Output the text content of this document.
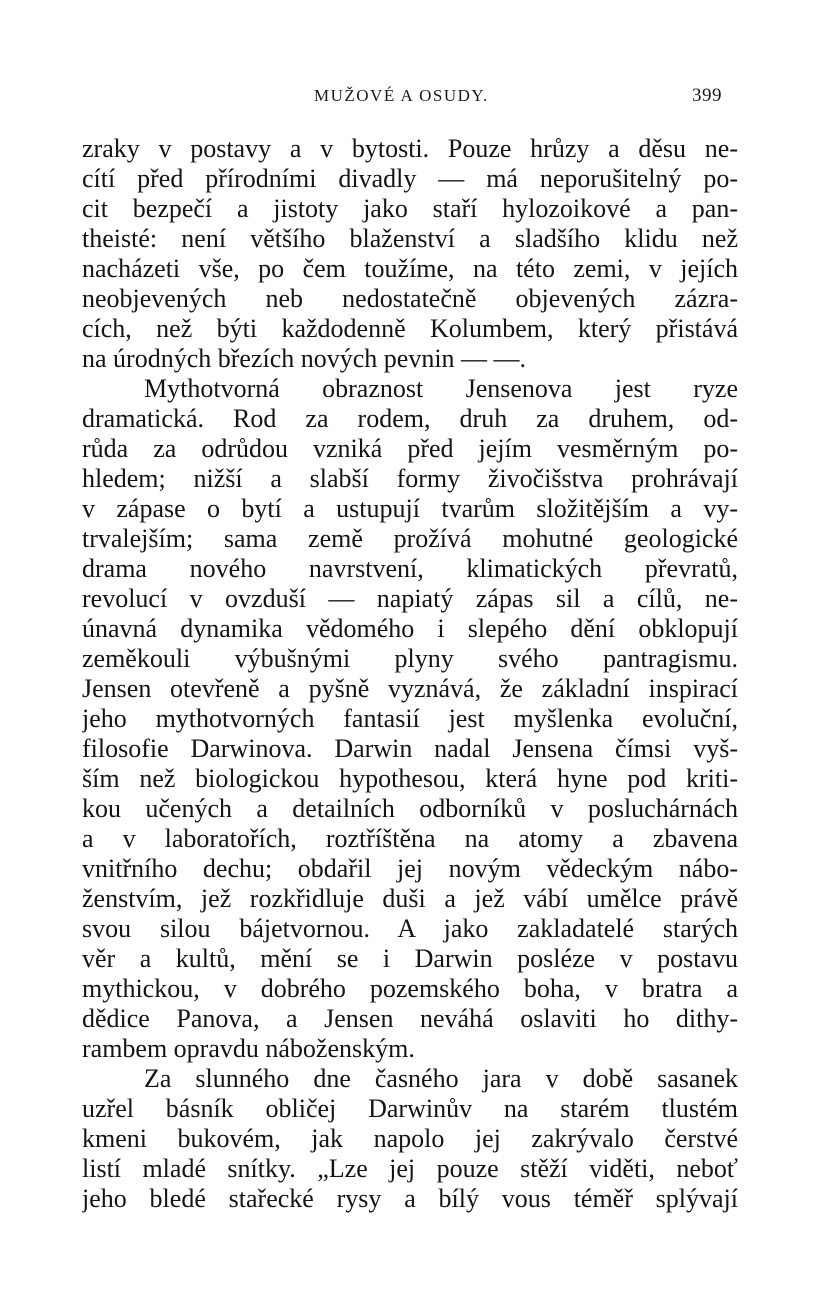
MUŽOVÉ A OSUDY.	399
zraky v postavy a v bytosti. Pouze hrůzy a děsu ne-
cítí před přírodními divadly — má neporušitelný po-
cit bezpečí a jistoty jako staří hylozoikové a pan-
theisté: není většího blaženství a sladšího klidu než
nacházeti vše, po čem toužíme, na této zemi, v jejích
neobjevených neb nedostatečně objevených zázra-
cích, než býti každodenně Kolumbem, který přistává
na úrodných březích nových pevnin — —.
Mythotvorná obraznost Jensenova jest ryze
dramatická. Rod za rodem, druh za druhem, od-
růda za odrůdou vzniká před jejím vesměrným po-
hledem; nižší a slabší formy živočišstva prohrávají
v zápase o bytí a ustupují tvarům složitějším a vy-
trvalejším; sama země prožívá mohutné geologické
drama nového navrstvení, klimatických převratů,
revolucí v ovzduší — napiatý zápas sil a cílů, ne-
únavná dynamika vědomého i slepého dění obklopují
zeměkouli výbušnými plyny svého pantragismu.
Jensen otevřeně a pyšně vyznává, že základní inspirací
jeho mythotvorných fantasií jest myšlenka evoluční,
filosofie Darwinova. Darwin nadal Jensena čímsi vyš-
ším než biologickou hypothesou, která hyne pod kriti-
kou učených a detailních odborníků v posluchárnách
a v laboratořích, roztříštěna na atomy a zbavena
vnitřního dechu; obdařil jej novým vědeckým nábo-
ženstvím, jež rozkřidluje duši a jež vábí umělce právě
svou silou bájetvornou. A jako zakladatelé starých
věr a kultů, mění se i Darwin posléze v postavu
mythickou, v dobrého pozemského boha, v bratra a
dědice Panova, a Jensen neváhá oslaviti ho dithy-
rambem opravdu náboženským.
Za slunného dne časného jara v době sasanek
uzřel básník obličej Darwinův na starém tlustém
kmeni bukovém, jak napolo jej zakrývalo čerstvé
listí mladé snítky. „Lze jej pouze stěží viděti, neboť
jeho bledé stařecké rysy a bílý vous téměř splývají
